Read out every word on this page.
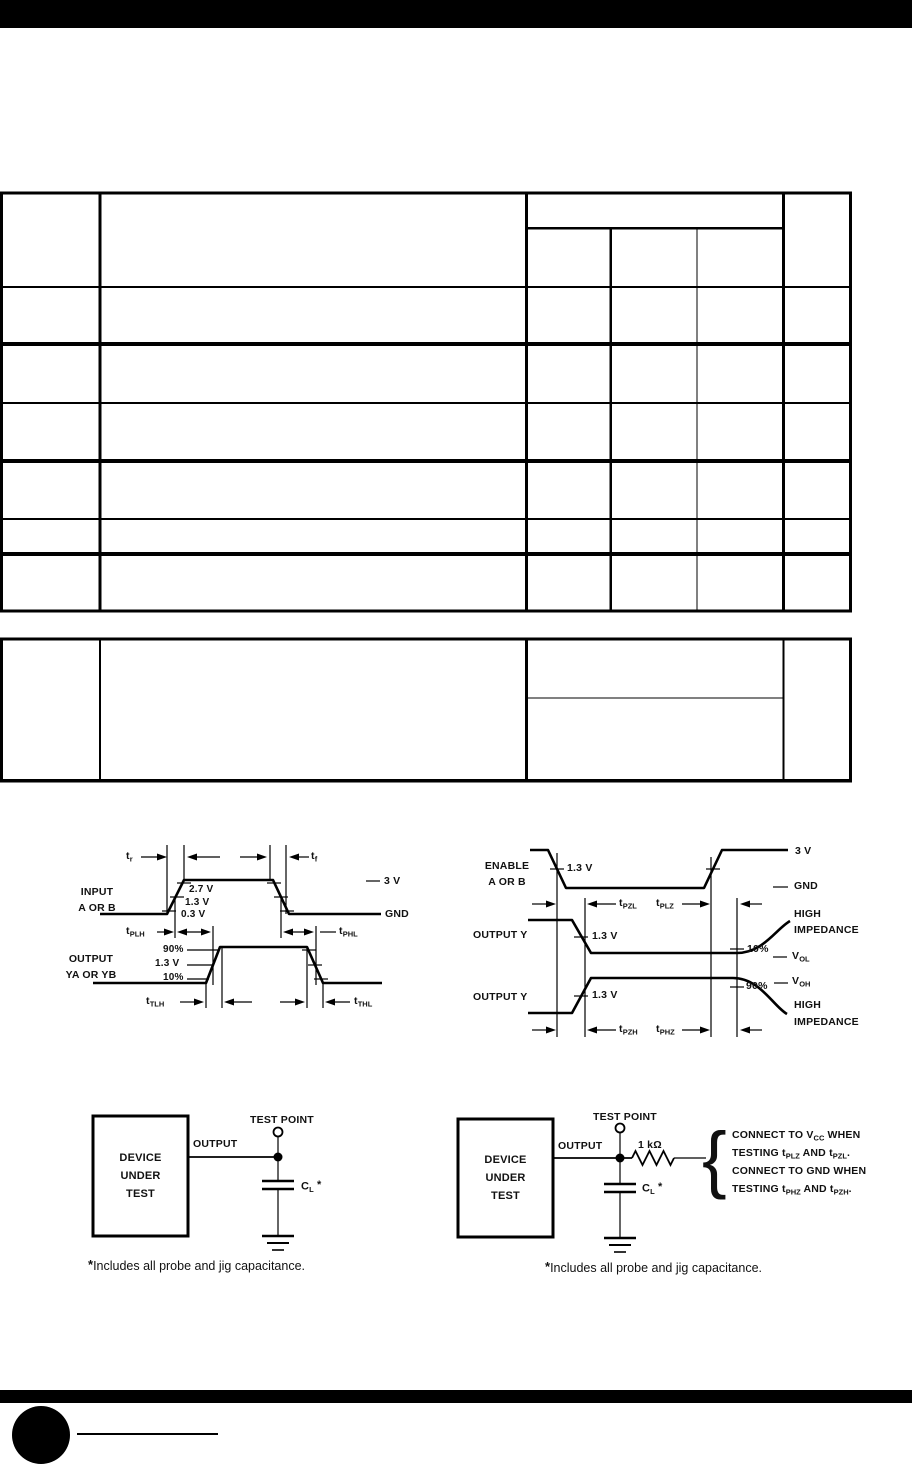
INPUT
A OR B
$t_r$	$t_f$
2.7 V
1.3 V
0.3 V
3 V
GND
$t_{PLH}$	$t_{PHL}$
OUTPUT
YA OR YB
90%
1.3 V
10%
$t_{TLH}$	$t_{THL}$
ENABLE
A OR B
1.3 V
3 V
GND
$t_{PZL}$ $t_{PLZ}$
OUTPUT Y	1.3 V
HIGH
IMPEDANCE
10%
$V_{OL}$
90% $V_{OH}$
OUTPUT Y	1.3 V
HIGH
IMPEDANCE
$t_{PZH}$ $t_{PHZ}$
DEVICE
UNDER
TEST
OUTPUT
TEST POINT
$C_L$ *
*Includes all probe and jig capacitance.
DEVICE
UNDER
TEST
OUTPUT
TEST POINT
1 kΩ
$C_L$ * { CONNECT TO $V_{CC}$ WHEN
TESTING $t_{PLZ}$ AND $t_{PZL}$.
CONNECT TO GND WHEN
TESTING $t_{PHZ}$ AND $t_{PZH}$.
*Includes all probe and jig capacitance.
